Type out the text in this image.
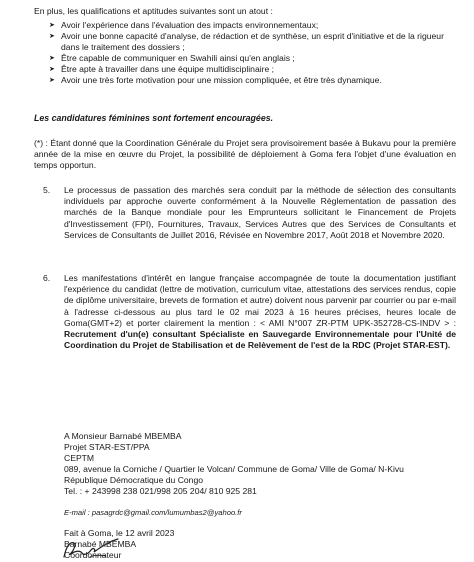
En plus, les qualifications et aptitudes suivantes sont un atout :

➤ Avoir l'expérience dans l'évaluation des impacts environnementaux;
➤ Avoir une bonne capacité d'analyse, de rédaction et de synthèse, un esprit d'initiative et de la rigueur dans le traitement des dossiers ;
➤ Être capable de communiquer en Swahili ainsi qu'en anglais ;
➤ Être apte à travailler dans une équipe multidisciplinaire ;
➤ Avoir une très forte motivation pour une mission compliquée, et être très dynamique.

Les candidatures féminines sont fortement encouragées.

(*) : Étant donné que la Coordination Générale du Projet sera provisoirement basée à Bukavu pour la première année de la mise en œuvre du Projet, la possibilité de déploiement à Goma fera l'objet d'une évaluation en temps opportun.

5. Le processus de passation des marchés sera conduit par la méthode de sélection des consultants individuels par approche ouverte conformément à la Nouvelle Règlementation de passation des marchés de la Banque mondiale pour les Emprunteurs sollicitant le Financement de Projets d'Investissement (FPI), Fournitures, Travaux, Services Autres que des Services de Consultants et Services de Consultants de Juillet 2016, Révisée en Novembre 2017, Août 2018 et Novembre 2020.

6. Les manifestations d'intérêt en langue française accompagnée de toute la documentation justifiant l'expérience du candidat (lettre de motivation, curriculum vitae, attestations des services rendus, copie de diplôme universitaire, brevets de formation et autre) doivent nous parvenir par courrier ou par e-mail à l'adresse ci-dessous au plus tard le 02 mai 2023 à 16 heures précises, heures locale de Goma(GMT+2) et porter clairement la mention : < AMI N°007 ZR-PTM UPK-352728-CS-INDV > : Recrutement d'un(e) consultant Spécialiste en Sauvegarde Environnementale pour l'Unité de Coordination du Projet de Stabilisation et de Relèvement de l'est de la RDC (Projet STAR-EST).

A Monsieur Barnabé MBEMBA
Projet STAR-EST/PPA
CEPTM
089, avenue la Corniche / Quartier le Volcan/ Commune de Goma/ Ville de Goma/ N-Kivu
République Démocratique du Congo
Tel. : + 243998 238 021/998 205 204/ 810 925 281
E-mail : pasagrdc@gmail.com/lumumbas2@yahoo.fr
Fait à Goma, le 12 avril 2023
Barnabé MBEMBA
Coordonnateur
